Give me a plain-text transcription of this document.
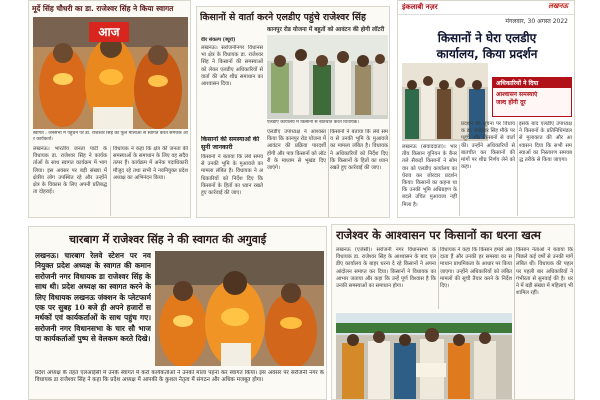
मूर्दे सिंह चौधरी का डा. राजेश्वर सिंह ने किया स्वागत
आज
स्वागत : जनसभा में पहुंचने पर डा. राजेश्वर सिंह का फूल मालाओं से स्वागत करते समर्थक और कार्यकर्ता।

लखनऊ। भारतीय जनता पार्टी के विधायक डा. राजेश्वर सिंह ने कार्यकर्ताओं के साथ स्वागत कार्यक्रम में भाग लिया। इस अवसर पर बड़ी संख्या में क्षेत्रीय लोग उपस्थित रहे और उन्होंने क्षेत्र के विकास के लिए अपनी प्रतिबद्धता दोहराई।

विधायक ने कहा कि क्षेत्र की जनता की समस्याओं के समाधान के लिए वह सदैव तत्पर हैं। कार्यक्रम में अनेक पदाधिकारी मौजूद रहे तथा सभी ने नवनियुक्त प्रदेश अध्यक्ष का अभिनंदन किया।

किसानों से वार्ता करने एलडीए पहुंचे राजेश्वर सिंह
कानपुर रोड योजना में बहुतों को आवंटन की होगी लॉटरी
वीर संकल्प (ब्यूरो)

लखनऊ। सरोजनीनगर विधानसभा क्षेत्र के विधायक डा. राजेश्वर सिंह ने किसानों की समस्याओं को लेकर एलडीए अधिकारियों से वार्ता की और शीघ्र समाधान का आश्वासन दिया।

किसानों की समस्याओं की सुनी जानकारी

किसानों ने बताया कि लंबे समय से उनकी भूमि के मुआवजे का मामला लंबित है। विधायक ने अधिकारियों को निर्देश दिए कि किसानों के हितों का ध्यान रखते हुए कार्रवाई की जाए।

एलडीए कार्यालय में किसानों से बातचीत करते विधायक।

एलडीए उपाध्यक्ष ने आश्वस्त किया कि कानपुर रोड योजना में आवंटन की प्रक्रिया पारदर्शी होगी और पात्र किसानों को लॉटरी के माध्यम से भूखंड दिए जाएंगे।

किसानों ने बताया कि लंबे समय से उनकी भूमि के मुआवजे का मामला लंबित है। विधायक ने अधिकारियों को निर्देश दिए कि किसानों के हितों का ध्यान रखते हुए कार्रवाई की जाए।

इंकलाबी नज़र	लखनऊ
मंगलवार, 30 अगस्त 2022
किसानों ने घेरा एलडीए
कार्यालय, किया प्रदर्शन
अधिकारियों ने दिया
आश्वासन समस्याएं
जल्द होंगी दूर

लखनऊ (संवाददाता)। भारतीय किसान यूनियन के बैनर तले सैकड़ों किसानों ने सोमवार को एलडीए कार्यालय का घेराव कर जोरदार प्रदर्शन किया। किसानों का कहना था कि उनकी भूमि अधिग्रहण के बदले उचित मुआवजा नहीं मिला है।

प्रदर्शन की सूचना पर विधायक डा. राजेश्वर सिंह मौके पर पहुंचे और किसानों से वार्ता की। उन्होंने अधिकारियों से बातचीत कर किसानों की मांगों पर शीघ्र निर्णय लेने को कहा।

इसके बाद एलडीए उपाध्यक्ष ने किसानों के प्रतिनिधिमंडल से मुलाकात की और आश्वासन दिया कि सभी समस्याओं का निस्तारण समयबद्ध तरीके से किया जाएगा।

चारबाग में राजेश्वर सिंह ने की स्वागत की अगुवाई

लखनऊ। चारबाग रेलवे स्टेशन पर नव नियुक्त प्रदेश अध्यक्ष के स्वागत की कमान सरोजनी नगर विधायक डा राजेश्वर सिंह के साथ थी। प्रदेश अध्यक्ष का स्वागत करने के लिए विधायक लखनऊ जंक्शन के प्लेटफार्म एक पर सुबह 10 बजे ही अपने हजारों समर्थकों एवं कार्यकर्ताओं के साथ पहुंच गए। सरोजनी नगर विधानसभा के चार सौ भाजपा कार्यकर्ताओं पुष्प से वेलकम करते दिखे।

प्रदेश अध्यक्ष के तहत एलआईसी में उनके स्वागत में करो कार्यकर्ताओं ने उनको माला पहना कर स्वागत किया। इस अवसर पर सरोजनी नगर के विधायक डा राजेश्वर सिंह ने कहा कि प्रदेश अध्यक्ष में आपकी के कुशल नेतृत्व में संगठन और अधिक मजबूत होगा।

राजेश्वर के आश्वासन पर किसानों का धरना खत्म

लखनऊ (एजेंसी)। सरोजनी नगर विधानसभा के विधायक डा. राजेश्वर सिंह के आश्वासन के बाद एलडीए कार्यालय के बाहर धरना दे रहे किसानों ने अपना आंदोलन समाप्त कर दिया। किसानों ने विधायक का आभार जताया और कहा कि उन्हें पूर्ण विश्वास है कि उनकी समस्याओं का समाधान होगा।

विधायक ने कहा कि किसान हमारे अन्नदाता हैं और उनकी हर समस्या का समाधान प्राथमिकता के आधार पर किया जाएगा। उन्होंने अधिकारियों को लंबित मामलों की सूची तैयार करने के निर्देश दिए।

किसान नेताओं ने बताया कि पिछले कई वर्षों से उनकी मांगें लंबित थीं। विधायक की पहल पर पहली बार अधिकारियों ने गंभीरता से सुनवाई की है। धरने में बड़ी संख्या में महिलाएं भी शामिल रहीं।
